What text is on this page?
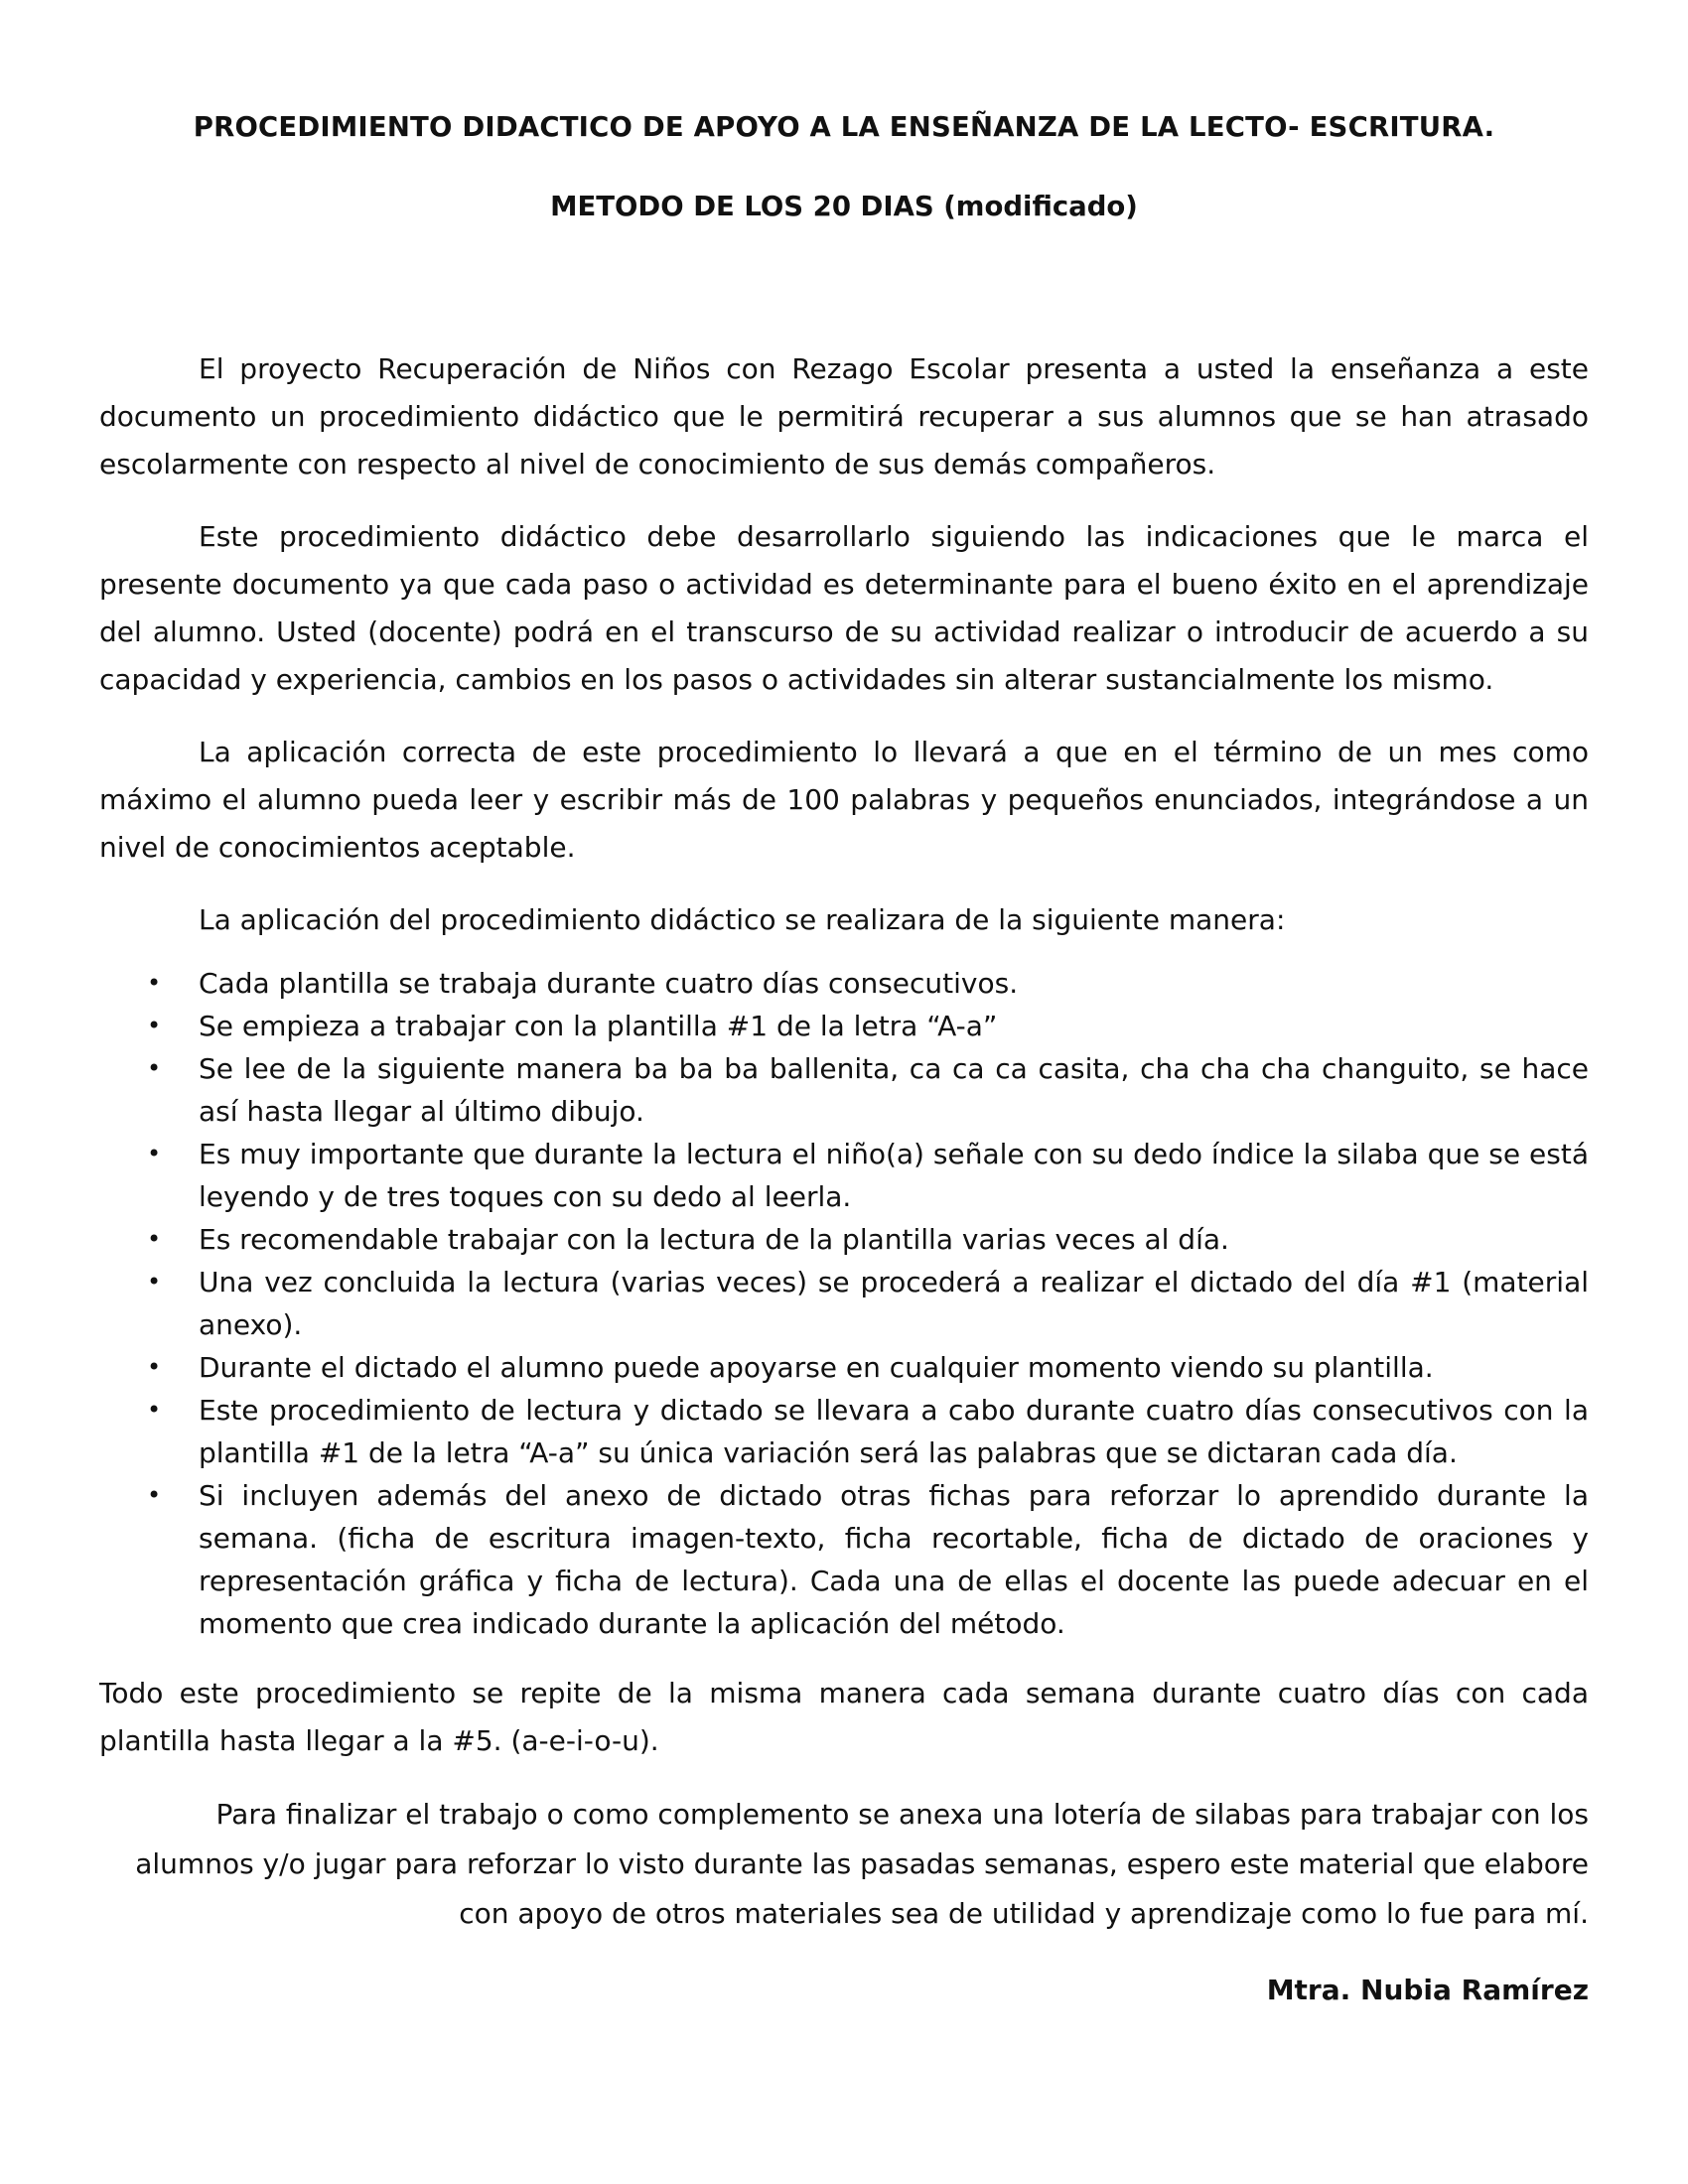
PROCEDIMIENTO DIDACTICO DE APOYO A LA ENSEÑANZA DE LA LECTO- ESCRITURA.
METODO DE LOS 20 DIAS (modificado)

El proyecto Recuperación de Niños con Rezago Escolar presenta a usted la enseñanza a este documento un procedimiento didáctico que le permitirá recuperar a sus alumnos que se han atrasado escolarmente con respecto al nivel de conocimiento de sus demás compañeros.

Este procedimiento didáctico debe desarrollarlo siguiendo las indicaciones que le marca el presente documento ya que cada paso o actividad es determinante para el bueno éxito en el aprendizaje del alumno. Usted (docente) podrá en el transcurso de su actividad realizar o introducir de acuerdo a su capacidad y experiencia, cambios en los pasos o actividades sin alterar sustancialmente los mismo.

La aplicación correcta de este procedimiento lo llevará a que en el término de un mes como máximo el alumno pueda leer y escribir más de 100 palabras y pequeños enunciados, integrándose a un nivel de conocimientos aceptable.

La aplicación del procedimiento didáctico se realizara de la siguiente manera:

• Cada plantilla se trabaja durante cuatro días consecutivos.
• Se empieza a trabajar con la plantilla #1 de la letra “A-a”
• Se lee de la siguiente manera ba ba ba ballenita, ca ca ca casita, cha cha cha changuito, se hace así hasta llegar al último dibujo.
• Es muy importante que durante la lectura el niño(a) señale con su dedo índice la silaba que se está leyendo y de tres toques con su dedo al leerla.
• Es recomendable trabajar con la lectura de la plantilla varias veces al día.
• Una vez concluida la lectura (varias veces) se procederá a realizar el dictado del día #1 (material anexo).
• Durante el dictado el alumno puede apoyarse en cualquier momento viendo su plantilla.
• Este procedimiento de lectura y dictado se llevara a cabo durante cuatro días consecutivos con la plantilla #1 de la letra “A-a” su única variación será las palabras que se dictaran cada día.
• Si incluyen además del anexo de dictado otras fichas para reforzar lo aprendido durante la semana. (ficha de escritura imagen-texto, ficha recortable, ficha de dictado de oraciones y representación gráfica y ficha de lectura). Cada una de ellas el docente las puede adecuar en el momento que crea indicado durante la aplicación del método.

Todo este procedimiento se repite de la misma manera cada semana durante cuatro días con cada plantilla hasta llegar a la #5. (a-e-i-o-u).

Para finalizar el trabajo o como complemento se anexa una lotería de silabas para trabajar con los
alumnos y/o jugar para reforzar lo visto durante las pasadas semanas, espero este material que elabore
con apoyo de otros materiales sea de utilidad y aprendizaje como lo fue para mí.
Mtra. Nubia Ramírez
